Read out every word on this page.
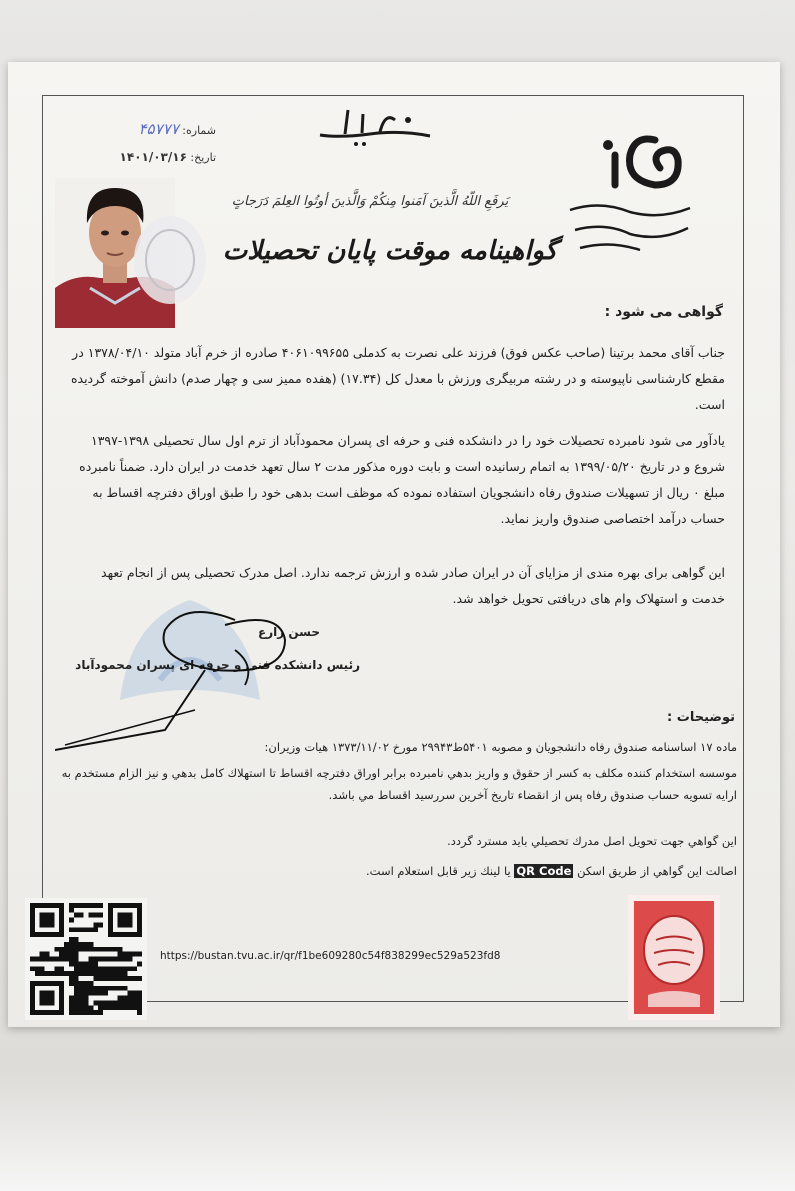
شماره: ۴۵۷۷۷
تاریخ: ۱۴۰۱/۰۳/۱۶
باسمه تعالی
يَرفَعِ اللّهُ الَّذينَ آمَنوا مِنكُمْ وَالَّذينَ أوتُوا العِلمَ دَرَجاتٍ
گواهینامه موقت پایان تحصیلات
گواهی می شود :
جناب آقای محمد برتینا (صاحب عکس فوق) فرزند علی نصرت به کدملی ۴۰۶۱۰۹۹۶۵۵ صادره از خرم آباد متولد ۱۳۷۸/۰۴/۱۰ در مقطع کارشناسی ناپیوسته و در رشته مربیگری ورزش با معدل کل (۱۷.۳۴) (هفده ممیز سی و چهار صدم) دانش آموخته گردیده است.
یادآور می شود نامبرده تحصیلات خود را در دانشکده فنی و حرفه ای پسران محمودآباد از ترم اول سال تحصیلی ۱۳۹۸-۱۳۹۷ شروع و در تاریخ ۱۳۹۹/۰۵/۲۰ به اتمام رسانیده است و بابت دوره مذکور مدت ۲ سال تعهد خدمت در ایران دارد. ضمناً نامبرده مبلغ ۰ ریال از تسهیلات صندوق رفاه دانشجویان استفاده نموده که موظف است بدهی خود را طبق اوراق دفترچه اقساط به حساب درآمد اختصاصی صندوق واریز نماید.
این گواهی برای بهره مندی از مزایای آن در ایران صادر شده و ارزش ترجمه ندارد. اصل مدرک تحصیلی پس از انجام تعهد خدمت و استهلاک وام های دریافتی تحویل خواهد شد.
حسن زارع
رئیس دانشکده فنی و حرفه ای پسران محمودآباد
توضیحات :
ماده ۱۷ اساسنامه صندوق رفاه دانشجویان و مصوبه ۵۴۰۱ط۲۹۹۴۳ مورخ ۱۳۷۳/۱۱/۰۲ هیات وزیران:
موسسه استخدام کننده مکلف به کسر از حقوق و واریز بدهي نامبرده برابر اوراق دفترچه اقساط تا استهلاك كامل بدهي و نيز الزام مستخدم به ارايه تسويه حساب صندوق رفاه پس از انقضاء تاريخ آخرين سررسيد اقساط مي باشد.
اين گواهي جهت تحويل اصل مدرك تحصيلي بايد مسترد گردد.
اصالت اين گواهي از طريق اسكن QR Code يا لينك زير قابل استعلام است.
https://bustan.tvu.ac.ir/qr/f1be609280c54f838299ec529a523fd8
